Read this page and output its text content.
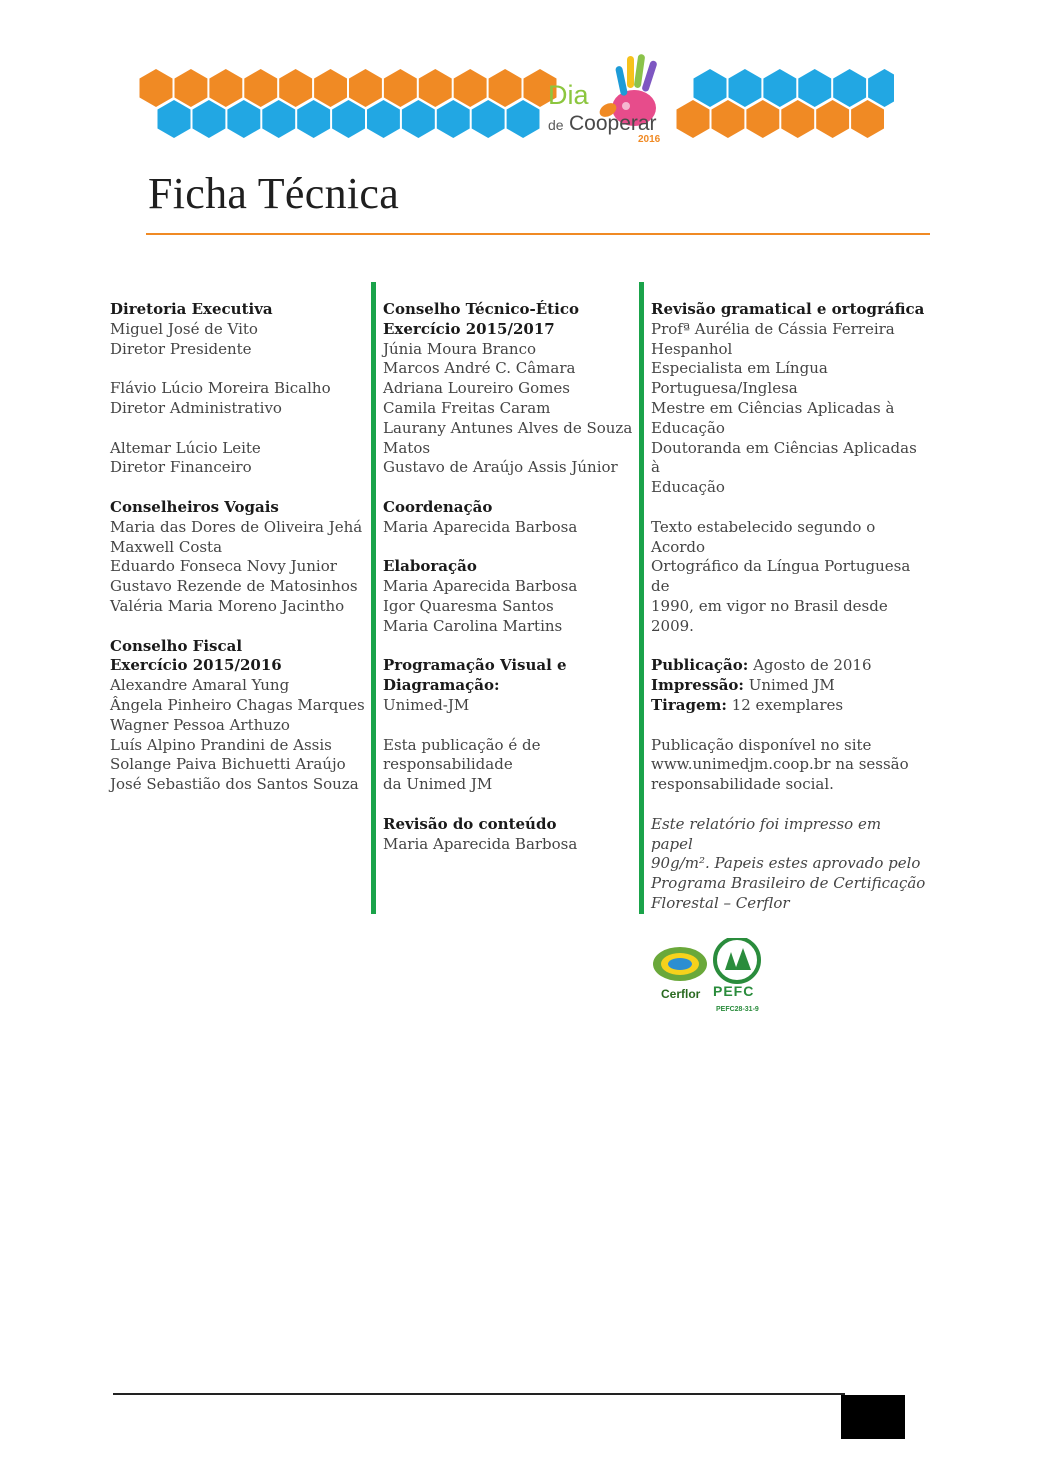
Dia
de Cooperar
2016
Ficha Técnica
Diretoria Executiva
Miguel José de Vito
Diretor Presidente
Flávio Lúcio Moreira Bicalho
Diretor Administrativo
Altemar Lúcio Leite
Diretor Financeiro
Conselheiros Vogais
Maria das Dores de Oliveira Jehá
Maxwell Costa
Eduardo Fonseca Novy Junior
Gustavo Rezende de Matosinhos
Valéria Maria Moreno Jacintho
Conselho Fiscal
Exercício 2015/2016
Alexandre Amaral Yung
Ângela Pinheiro Chagas Marques
Wagner Pessoa Arthuzo
Luís Alpino Prandini de Assis
Solange Paiva Bichuetti Araújo
José Sebastião dos Santos Souza
Conselho Técnico-Ético
Exercício 2015/2017
Júnia Moura Branco
Marcos André C. Câmara
Adriana Loureiro Gomes
Camila Freitas Caram
Laurany Antunes Alves de Souza
Matos
Gustavo de Araújo Assis Júnior
Coordenação
Maria Aparecida Barbosa
Elaboração
Maria Aparecida Barbosa
Igor Quaresma Santos
Maria Carolina Martins
Programação Visual e
Diagramação:
Unimed-JM
Esta publicação é de
responsabilidade
da Unimed JM
Revisão do conteúdo
Maria Aparecida Barbosa
Revisão gramatical e ortográfica
Profª Aurélia de Cássia Ferreira
Hespanhol
Especialista em Língua
Portuguesa/Inglesa
Mestre em Ciências Aplicadas à
Educação
Doutoranda em Ciências Aplicadas à
Educação
Texto estabelecido segundo o Acordo
Ortográfico da Língua Portuguesa de
1990, em vigor no Brasil desde 2009.
Publicação: Agosto de 2016
Impressão: Unimed JM
Tiragem: 12 exemplares
Publicação disponível no site
www.unimedjm.coop.br na sessão
responsabilidade social.
Este relatório foi impresso em papel
90g/m². Papeis estes aprovado pelo
Programa Brasileiro de Certificação
Florestal – Cerflor
Cerflor PEFC
PEFC28-31-9
